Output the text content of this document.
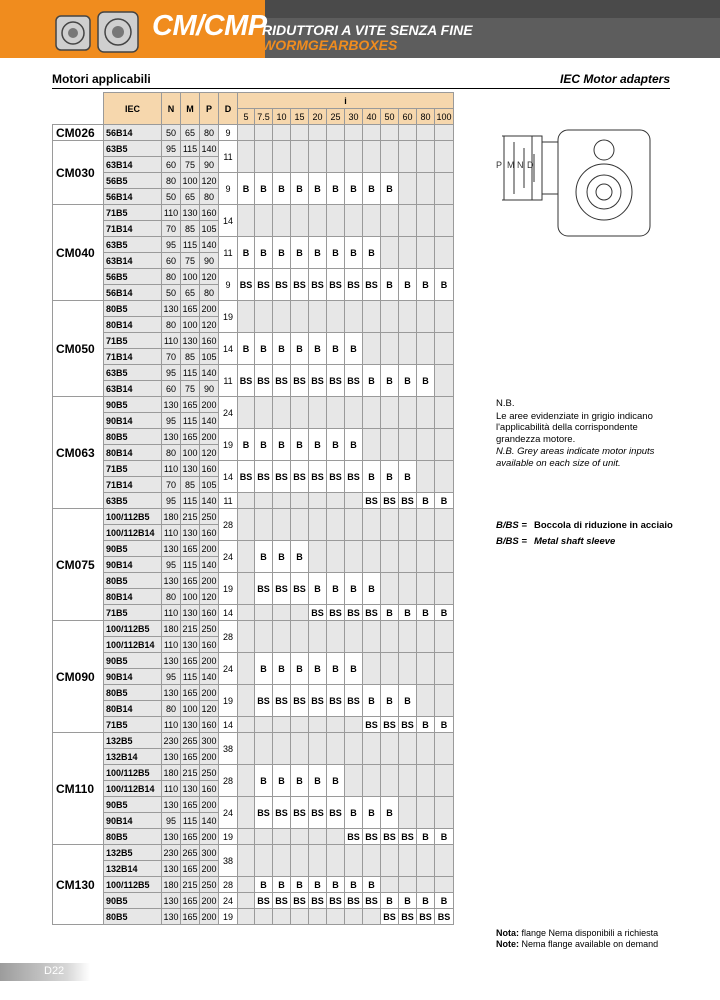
CM/CMP
RIDUTTORI A VITE SENZA FINE
WORMGEARBOXES
Motori applicabili	IEC Motor adapters
	IEC	N	M	P	D	i											
						5	7.5	10	15	20	25	30	40	50	60	80	100
CM026	56B14	50	65	80	9												
CM030	63B5	95	115	140	11												
	63B14	60	75	90													
	56B5	80	100	120	9	B	B	B	B	B	B	B	B	B			
	56B14	50	65	80													
CM040	71B5	110	130	160	14												
	71B14	70	85	105													
	63B5	95	115	140	11	B	B	B	B	B	B	B	B				
	63B14	60	75	90													
	56B5	80	100	120	9	BS	BS	BS	BS	BS	BS	BS	BS	B	B	B	B
	56B14	50	65	80													
CM050	80B5	130	165	200	19												
	80B14	80	100	120													
	71B5	110	130	160	14	B	B	B	B	B	B	B					
	71B14	70	85	105													
	63B5	95	115	140	11	BS	BS	BS	BS	BS	BS	BS	B	B	B	B	
	63B14	60	75	90													
CM063	90B5	130	165	200	24												
	90B14	95	115	140													
	80B5	130	165	200	19	B	B	B	B	B	B	B					
	80B14	80	100	120													
	71B5	110	130	160	14	BS	BS	BS	BS	BS	BS	BS	B	B	B		
	71B14	70	85	105													
	63B5	95	115	140	11								BS	BS	BS	B	B
CM075	100/112B5	180	215	250	28												
	100/112B14	110	130	160													
	90B5	130	165	200	24		B	B	B								
	90B14	95	115	140													
	80B5	130	165	200	19		BS	BS	BS	B	B	B	B				
	80B14	80	100	120													
	71B5	110	130	160	14					BS	BS	BS	BS	B	B	B	B
CM090	100/112B5	180	215	250	28												
	100/112B14	110	130	160													
	90B5	130	165	200	24		B	B	B	B	B	B					
	90B14	95	115	140													
	80B5	130	165	200	19		BS	BS	BS	BS	BS	BS	B	B	B		
	80B14	80	100	120													
	71B5	110	130	160	14								BS	BS	BS	B	B
CM110	132B5	230	265	300	38												
	132B14	130	165	200													
	100/112B5	180	215	250	28		B	B	B	B	B						
	100/112B14	110	130	160													
	90B5	130	165	200	24		BS	BS	BS	BS	BS	B	B	B			
	90B14	95	115	140													
	80B5	130	165	200	19							BS	BS	BS	BS	B	B
CM130	132B5	230	265	300	38												
	132B14	130	165	200													
	100/112B5	180	215	250	28		B	B	B	B	B	B	B				
	90B5	130	165	200	24		BS	BS	BS	BS	BS	BS	BS	B	B	B	B
	80B5	130	165	200	19									BS	BS	BS	BS
P M N D

N.B.

Le aree evidenziate in grigio indicano l'applicabilità della corrispondente grandezza motore.

N.B. Grey areas indicate motor inputs available on each size of unit.

B/BS = Boccola di riduzione in acciaio
B/BS = Metal shaft sleeve
Nota: flange Nema disponibili a richiesta
Note: Nema flange available on demand
D22
